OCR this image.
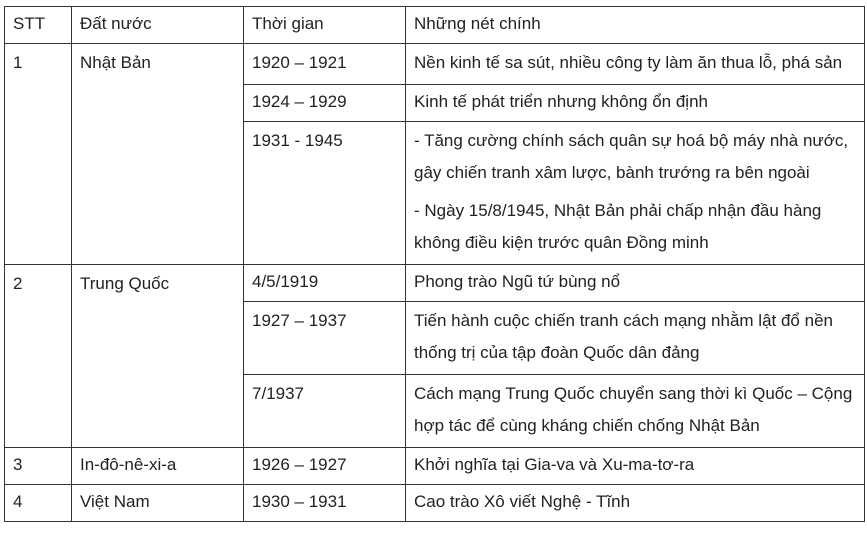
STT	Đất nước	Thời gian	Những nét chính
1	Nhật Bản	1920 – 1921	Nền kinh tế sa sút, nhiều công ty làm ăn thua lỗ, phá sản
		1924 – 1929	Kinh tế phát triển nhưng không ổn định
		1931 - 1945	- Tăng cường chính sách quân sự hoá bộ máy nhà nước, gây chiến tranh xâm lược, bành trướng ra bên ngoài
- Ngày 15/8/1945, Nhật Bản phải chấp nhận đầu hàng không điều kiện trước quân Đồng minh

2	Trung Quốc	4/5/1919	Phong trào Ngũ tứ bùng nổ
		1927 – 1937	Tiến hành cuộc chiến tranh cách mạng nhằm lật đổ nền thống trị của tập đoàn Quốc dân đảng
		7/1937	Cách mạng Trung Quốc chuyển sang thời kì Quốc – Cộng hợp tác để cùng kháng chiến chống Nhật Bản
3	In-đô-nê-xi-a	1926 – 1927	Khởi nghĩa tại Gia-va và Xu-ma-tơ-ra
4	Việt Nam	1930 – 1931	Cao trào Xô viết Nghệ - Tĩnh
